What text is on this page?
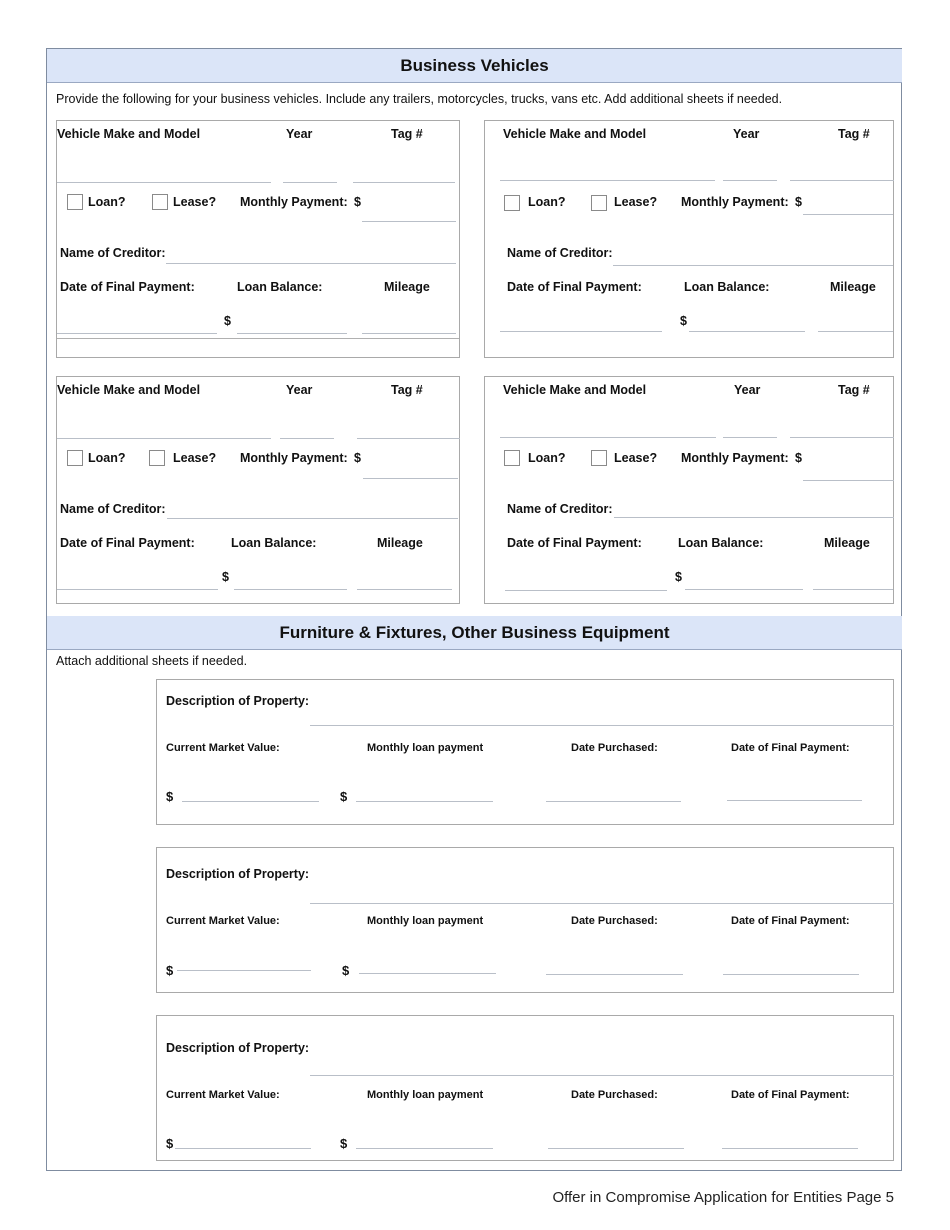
Business Vehicles
Provide the following for your business vehicles. Include any trailers, motorcycles, trucks, vans etc. Add additional sheets if needed.
Vehicle Make and Model	Year	Tag #
Loan?	Lease? Monthly Payment: $
Name of Creditor:
Date of Final Payment:	Loan Balance:	Mileage
$
Vehicle Make and Model	Year	Tag #
Loan?	Lease? Monthly Payment: $
Name of Creditor:
Date of Final Payment:	Loan Balance:	Mileage
$
Vehicle Make and Model	Year	Tag #
Loan?	Lease? Monthly Payment: $
Name of Creditor:
Date of Final Payment:	Loan Balance:	Mileage
$
Vehicle Make and Model	Year	Tag #
Loan?	Lease? Monthly Payment: $
Name of Creditor:
Date of Final Payment:	Loan Balance:	Mileage
$
Furniture & Fixtures, Other Business Equipment
Attach additional sheets if needed.
Description of Property:
Current Market Value:	Monthly loan payment	Date Purchased:	Date of Final Payment:
$	$
Description of Property:
Current Market Value:	Monthly loan payment	Date Purchased:	Date of Final Payment:
$	$
Description of Property:
Current Market Value:	Monthly loan payment	Date Purchased:	Date of Final Payment:
$	$
Offer in Compromise Application for Entities Page 5
